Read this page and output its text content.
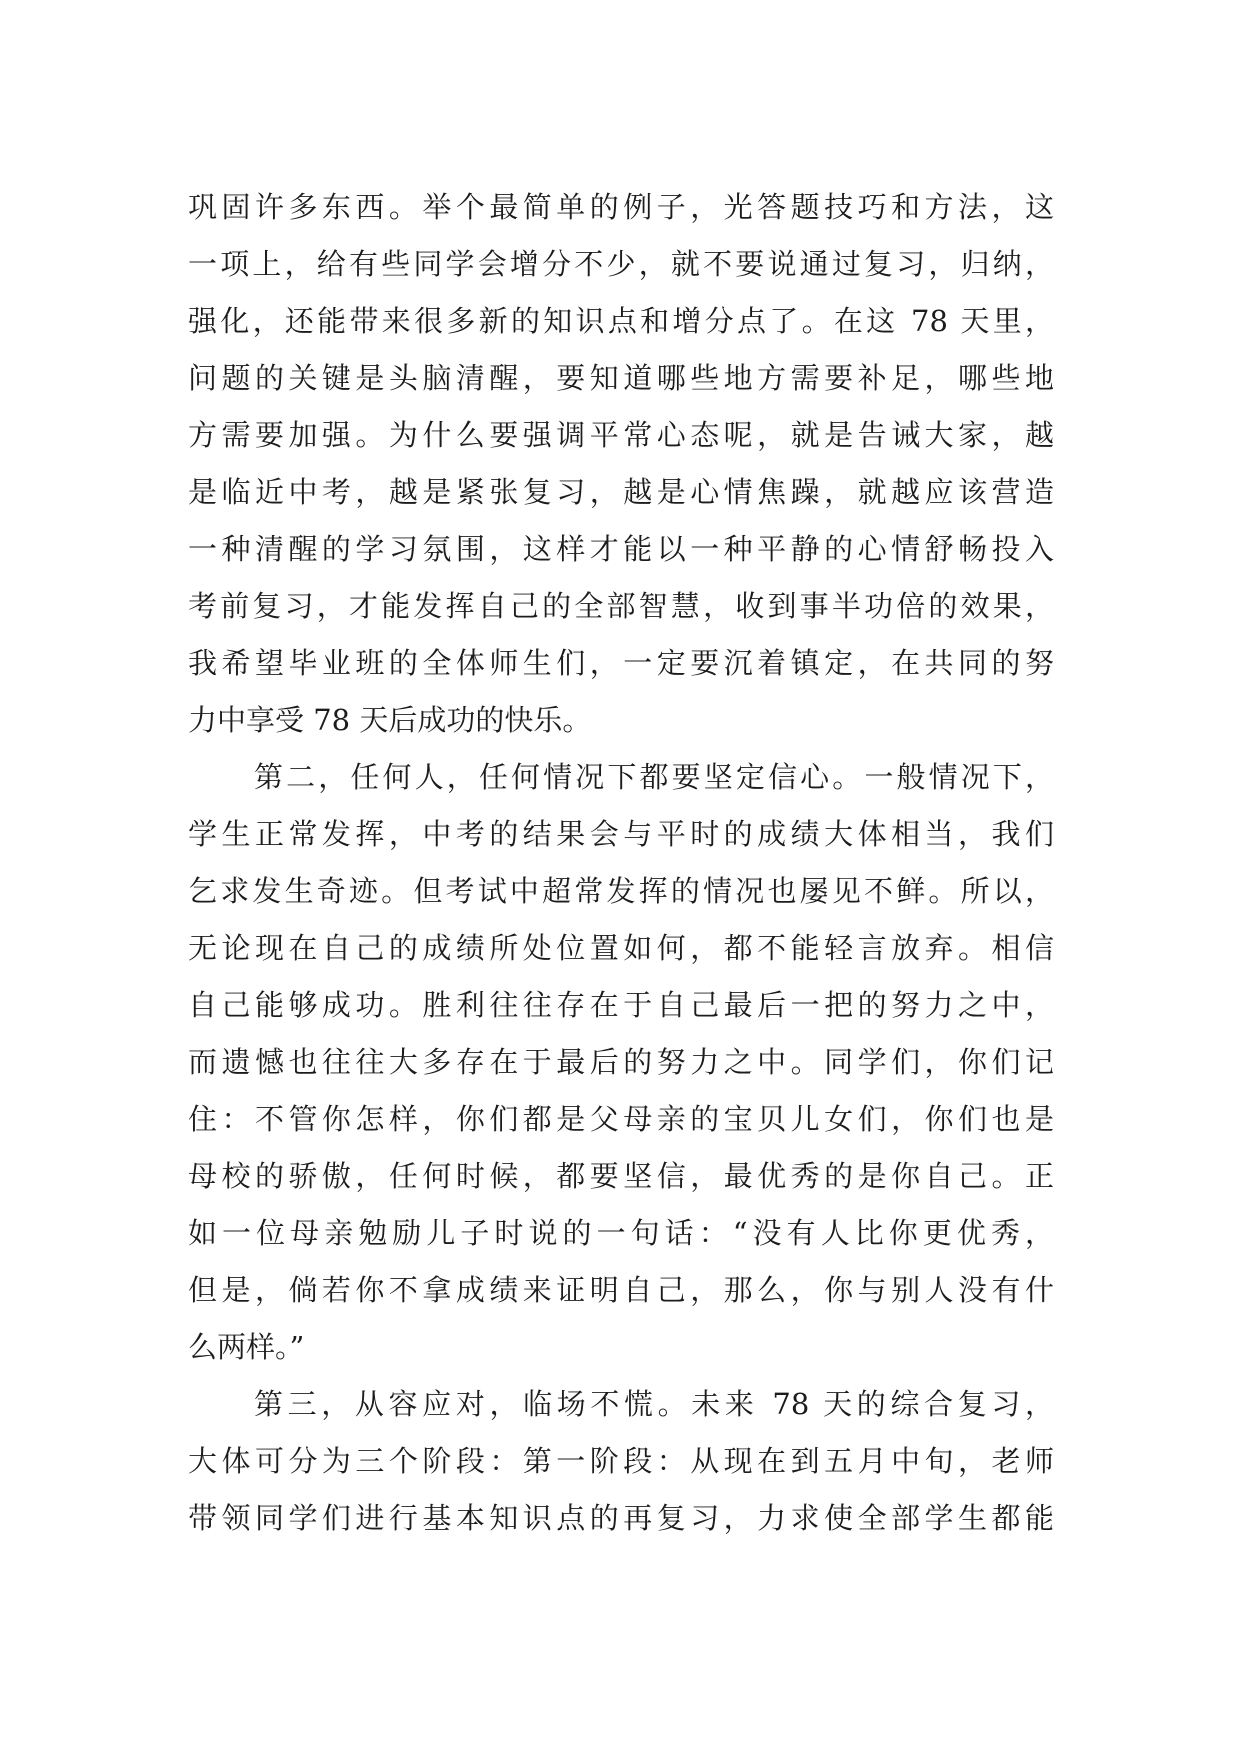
巩固许多东西。举个最简单的例子，光答题技巧和方法，这
一项上，给有些同学会增分不少，就不要说通过复习，归纳，
强化，还能带来很多新的知识点和增分点了。在这 78 天里，
问题的关键是头脑清醒，要知道哪些地方需要补足，哪些地
方需要加强。为什么要强调平常心态呢，就是告诫大家，越
是临近中考，越是紧张复习，越是心情焦躁，就越应该营造
一种清醒的学习氛围，这样才能以一种平静的心情舒畅投入
考前复习，才能发挥自己的全部智慧，收到事半功倍的效果，
我希望毕业班的全体师生们，一定要沉着镇定，在共同的努
力中享受 78 天后成功的快乐。
第二，任何人，任何情况下都要坚定信心。一般情况下，
学生正常发挥，中考的结果会与平时的成绩大体相当，我们
乞求发生奇迹。但考试中超常发挥的情况也屡见不鲜。所以，
无论现在自己的成绩所处位置如何，都不能轻言放弃。相信
自己能够成功。胜利往往存在于自己最后一把的努力之中，
而遗憾也往往大多存在于最后的努力之中。同学们，你们记
住：不管你怎样，你们都是父母亲的宝贝儿女们，你们也是
母校的骄傲，任何时候，都要坚信，最优秀的是你自己。正
如一位母亲勉励儿子时说的一句话：“没有人比你更优秀，
但是，倘若你不拿成绩来证明自己，那么，你与别人没有什
么两样。”
第三，从容应对，临场不慌。未来 78 天的综合复习，
大体可分为三个阶段：第一阶段：从现在到五月中旬，老师
带领同学们进行基本知识点的再复习，力求使全部学生都能
